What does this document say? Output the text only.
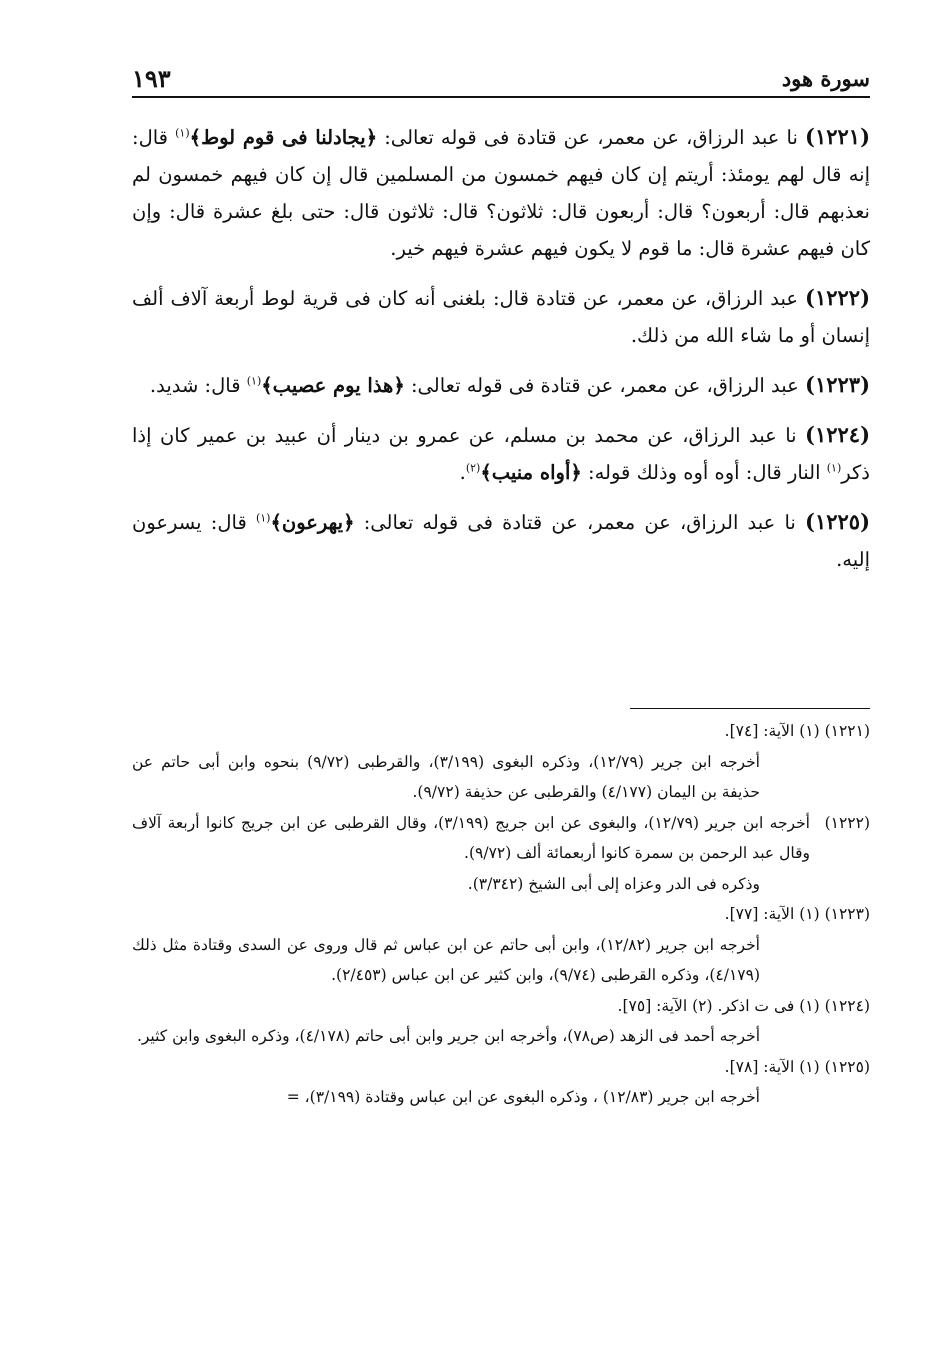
سورة هود
١٩٣

(١٢٢١) نا عبد الرزاق، عن معمر، عن قتادة فى قوله تعالى: ﴿يجادلنا فى قوم لوط﴾$^{(١)}$ قال: إنه قال لهم يومئذ: أريتم إن كان فيهم خمسون من المسلمين قال إن كان فيهم خمسون لم نعذبهم قال: أربعون؟ قال: أربعون قال: ثلاثون؟ قال: ثلاثون قال: حتى بلغ عشرة قال: وإن كان فيهم عشرة قال: ما قوم لا يكون فيهم عشرة فيهم خير.

(١٢٢٢) عبد الرزاق، عن معمر، عن قتادة قال: بلغنى أنه كان فى قرية لوط أربعة آلاف ألف إنسان أو ما شاء الله من ذلك.

(١٢٢٣) عبد الرزاق، عن معمر، عن قتادة فى قوله تعالى: ﴿هذا يوم عصيب﴾$^{(١)}$ قال: شديد.

(١٢٢٤) نا عبد الرزاق، عن محمد بن مسلم، عن عمرو بن دينار أن عبيد بن عمير كان إذا ذكر$^{(١)}$ النار قال: أوه أوه وذلك قوله: ﴿أواه منيب﴾$^{(٢)}$.

(١٢٢٥) نا عبد الرزاق، عن معمر، عن قتادة فى قوله تعالى: ﴿يهرعون﴾$^{(١)}$ قال: يسرعون إليه.

(١٢٢١) (١) الآية: [٧٤].
أخرجه ابن جرير (١٢/٧٩)، وذكره البغوى (٣/١٩٩)، والقرطبى (٩/٧٢) بنحوه وابن أبى حاتم عن حذيفة بن اليمان (٤/١٧٧) والقرطبى عن حذيفة (٩/٧٢).
(١٢٢٢)
أخرجه ابن جرير (١٢/٧٩)، والبغوى عن ابن جريج (٣/١٩٩)، وقال القرطبى عن ابن جريج كانوا أربعة آلاف وقال عبد الرحمن بن سمرة كانوا أربعمائة ألف (٩/٧٢).
وذكره فى الدر وعزاه إلى أبى الشيخ (٣/٣٤٢).
(١٢٢٣) (١) الآية: [٧٧].
أخرجه ابن جرير (١٢/٨٢)، وابن أبى حاتم عن ابن عباس ثم قال وروى عن السدى وقتادة مثل ذلك (٤/١٧٩)، وذكره القرطبى (٩/٧٤)، وابن كثير عن ابن عباس (٢/٤٥٣).
(١٢٢٤) (١) فى ت اذكر. (٢) الآية: [٧٥].
أخرجه أحمد فى الزهد (ص٧٨)، وأخرجه ابن جرير وابن أبى حاتم (٤/١٧٨)، وذكره البغوى وابن كثير.
(١٢٢٥) (١) الآية: [٧٨].
أخرجه ابن جرير (١٢/٨٣) ، وذكره البغوى عن ابن عباس وقتادة (٣/١٩٩)، =
